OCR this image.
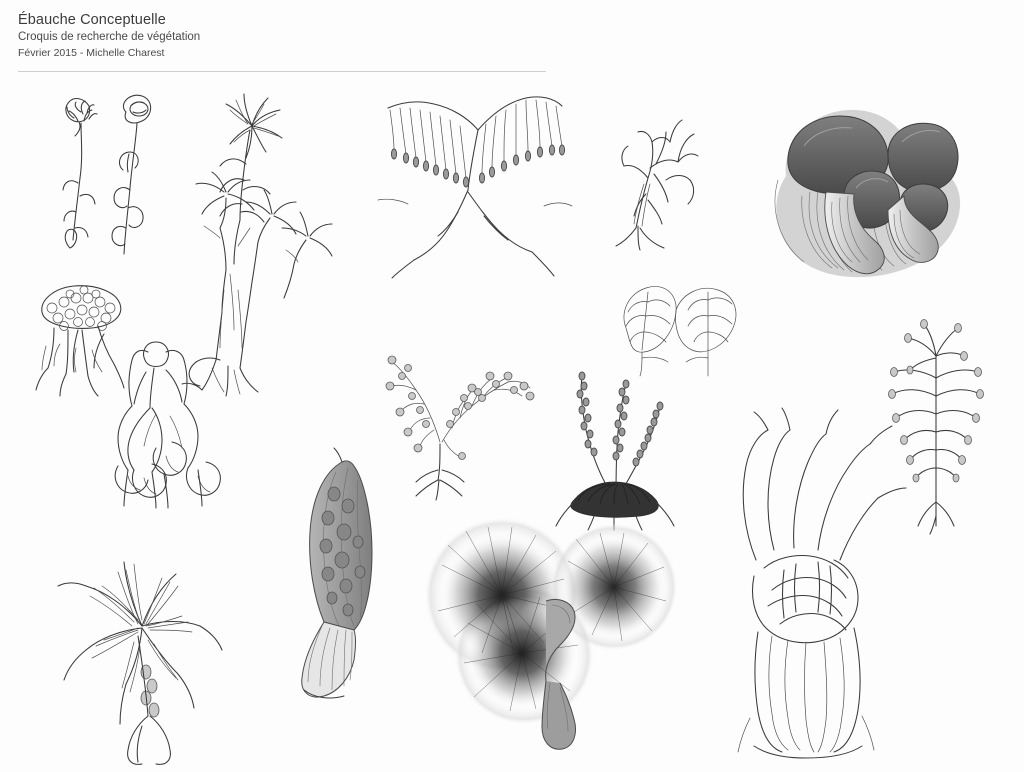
Ébauche Conceptuelle
Croquis de recherche de végétation
Février 2015 - Michelle Charest
